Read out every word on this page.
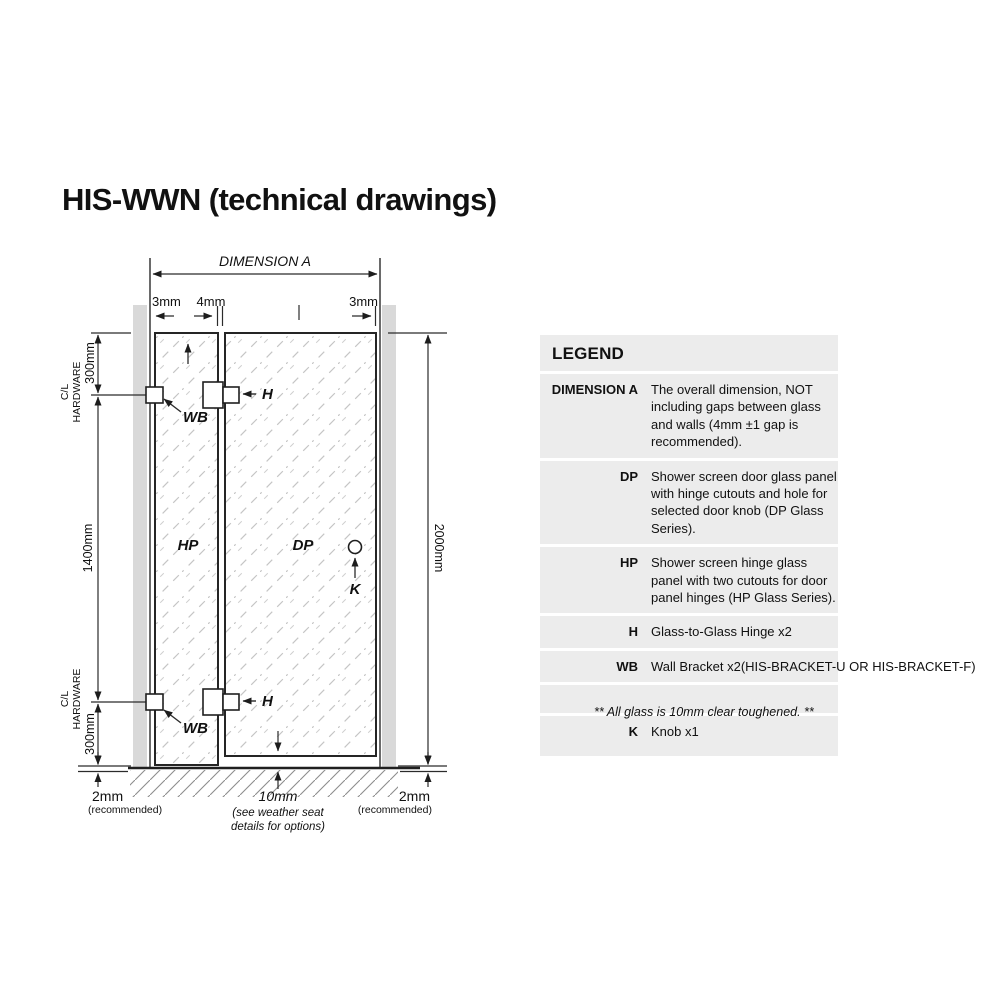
HIS-WWN (technical drawings)
DIMENSION A
3mm 4mm	3mm
300mm
C/L HARDWARE
1400mm
C/L HARDWARE
300mm
2mm
(recommended)
2000mm
2mm
(recommended)
10mm
(see weather seat
details for options)
HP	DP
H
H
WB
WB
K
LEGEND
DIMENSION A The overall dimension, NOT including gaps between glass and walls (4mm ±1 gap is recommended).
DP Shower screen door glass panel with hinge cutouts and hole for selected door knob (DP Glass Series).
HP Shower screen hinge glass panel with two cutouts for door panel hinges (HP Glass Series).
H Glass-to-Glass Hinge x2
WB Wall Bracket x2(HIS-BRACKET-U OR HIS-BRACKET-F)
K Knob x1
** All glass is 10mm clear toughened. **
